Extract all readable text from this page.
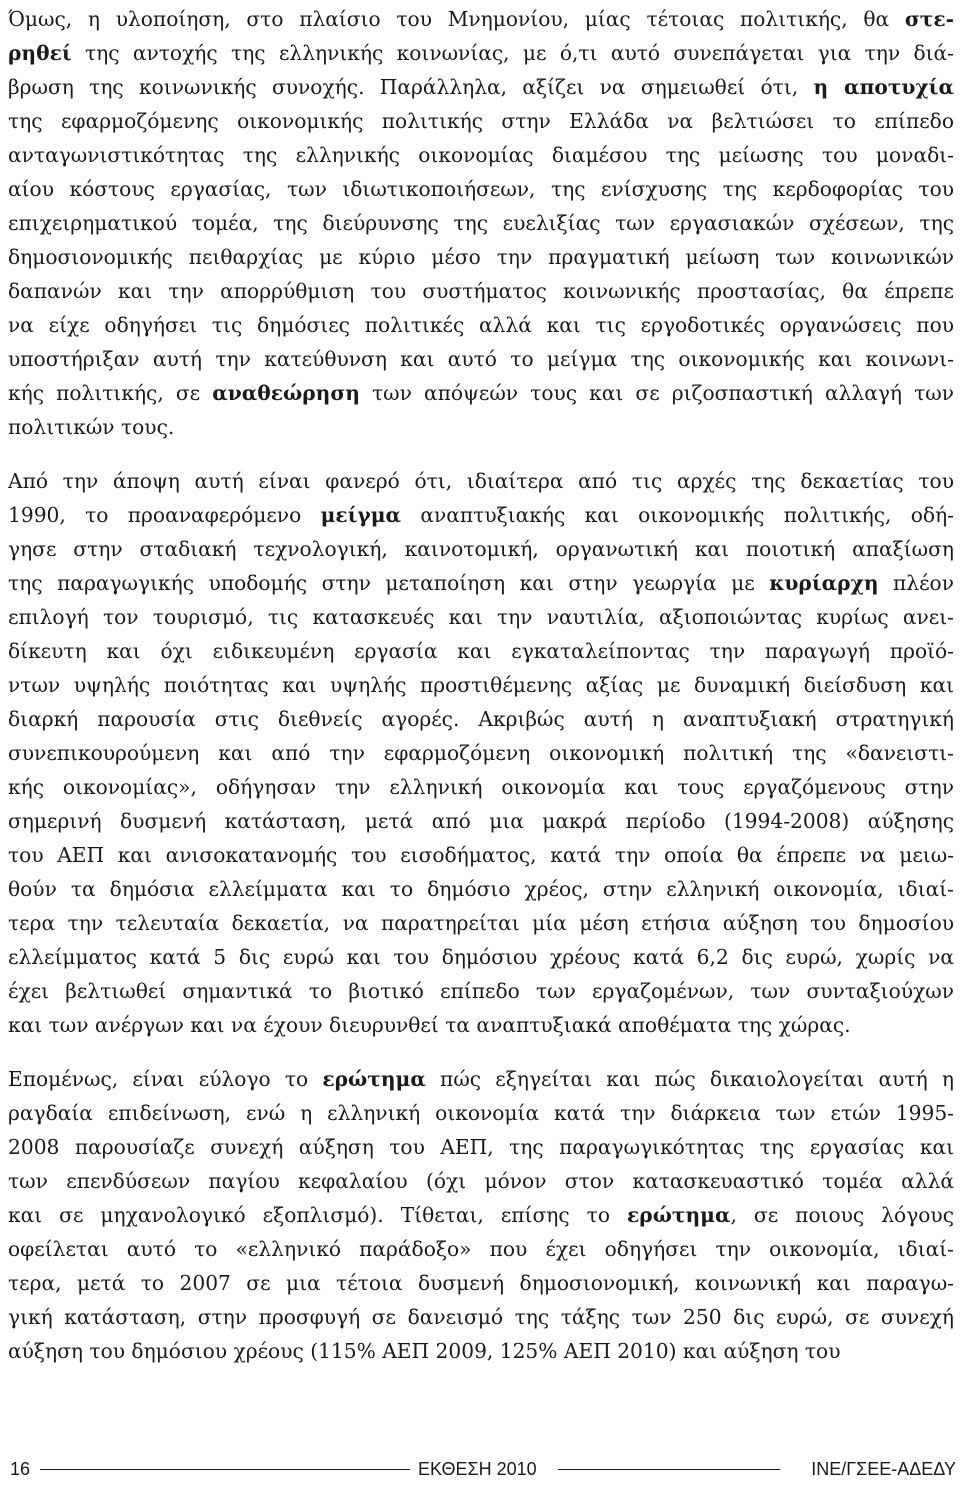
Όμως, η υλοποίηση, στο πλαίσιο του Μνημονίου, μίας τέτοιας πολιτικής, θα στε-
ρηθεί της αντοχής της ελληνικής κοινωνίας, με ό,τι αυτό συνεπάγεται για την διά-
βρωση της κοινωνικής συνοχής. Παράλληλα, αξίζει να σημειωθεί ότι, η αποτυχία
της εφαρμοζόμενης οικονομικής πολιτικής στην Ελλάδα να βελτιώσει το επίπεδο
ανταγωνιστικότητας της ελληνικής οικονομίας διαμέσου της μείωσης του μοναδι-
αίου κόστους εργασίας, των ιδιωτικοποιήσεων, της ενίσχυσης της κερδοφορίας του
επιχειρηματικού τομέα, της διεύρυνσης της ευελιξίας των εργασιακών σχέσεων, της
δημοσιονομικής πειθαρχίας με κύριο μέσο την πραγματική μείωση των κοινωνικών
δαπανών και την απορρύθμιση του συστήματος κοινωνικής προστασίας, θα έπρεπε
να είχε οδηγήσει τις δημόσιες πολιτικές αλλά και τις εργοδοτικές οργανώσεις που
υποστήριξαν αυτή την κατεύθυνση και αυτό το μείγμα της οικονομικής και κοινωνι-
κής πολιτικής, σε αναθεώρηση των απόψεών τους και σε ριζοσπαστική αλλαγή των
πολιτικών τους.
Από την άποψη αυτή είναι φανερό ότι, ιδιαίτερα από τις αρχές της δεκαετίας του
1990, το προαναφερόμενο μείγμα αναπτυξιακής και οικονομικής πολιτικής, οδή-
γησε στην σταδιακή τεχνολογική, καινοτομική, οργανωτική και ποιοτική απαξίωση
της παραγωγικής υποδομής στην μεταποίηση και στην γεωργία με κυρίαρχη πλέον
επιλογή τον τουρισμό, τις κατασκευές και την ναυτιλία, αξιοποιώντας κυρίως ανει-
δίκευτη και όχι ειδικευμένη εργασία και εγκαταλείποντας την παραγωγή προϊό-
ντων υψηλής ποιότητας και υψηλής προστιθέμενης αξίας με δυναμική διείσδυση και
διαρκή παρουσία στις διεθνείς αγορές. Ακριβώς αυτή η αναπτυξιακή στρατηγική
συνεπικουρούμενη και από την εφαρμοζόμενη οικονομική πολιτική της «δανειστι-
κής οικονομίας», οδήγησαν την ελληνική οικονομία και τους εργαζόμενους στην
σημερινή δυσμενή κατάσταση, μετά από μια μακρά περίοδο (1994-2008) αύξησης
του ΑΕΠ και ανισοκατανομής του εισοδήματος, κατά την οποία θα έπρεπε να μειω-
θούν τα δημόσια ελλείμματα και το δημόσιο χρέος, στην ελληνική οικονομία, ιδιαί-
τερα την τελευταία δεκαετία, να παρατηρείται μία μέση ετήσια αύξηση του δημοσίου
ελλείμματος κατά 5 δις ευρώ και του δημόσιου χρέους κατά 6,2 δις ευρώ, χωρίς να
έχει βελτιωθεί σημαντικά το βιοτικό επίπεδο των εργαζομένων, των συνταξιούχων
και των ανέργων και να έχουν διευρυνθεί τα αναπτυξιακά αποθέματα της χώρας.
Επομένως, είναι εύλογο το ερώτημα πώς εξηγείται και πώς δικαιολογείται αυτή η
ραγδαία επιδείνωση, ενώ η ελληνική οικονομία κατά την διάρκεια των ετών 1995-
2008 παρουσίαζε συνεχή αύξηση του ΑΕΠ, της παραγωγικότητας της εργασίας και
των επενδύσεων παγίου κεφαλαίου (όχι μόνον στον κατασκευαστικό τομέα αλλά
και σε μηχανολογικό εξοπλισμό). Τίθεται, επίσης το ερώτημα, σε ποιους λόγους
οφείλεται αυτό το «ελληνικό παράδοξο» που έχει οδηγήσει την οικονομία, ιδιαί-
τερα, μετά το 2007 σε μια τέτοια δυσμενή δημοσιονομική, κοινωνική και παραγω-
γική κατάσταση, στην προσφυγή σε δανεισμό της τάξης των 250 δις ευρώ, σε συνεχή
αύξηση του δημόσιου χρέους (115% ΑΕΠ 2009, 125% ΑΕΠ 2010) και αύξηση του
16	ΕΚΘΕΣΗ 2010	ΙΝΕ/ΓΣΕΕ-ΑΔΕΔΥ
